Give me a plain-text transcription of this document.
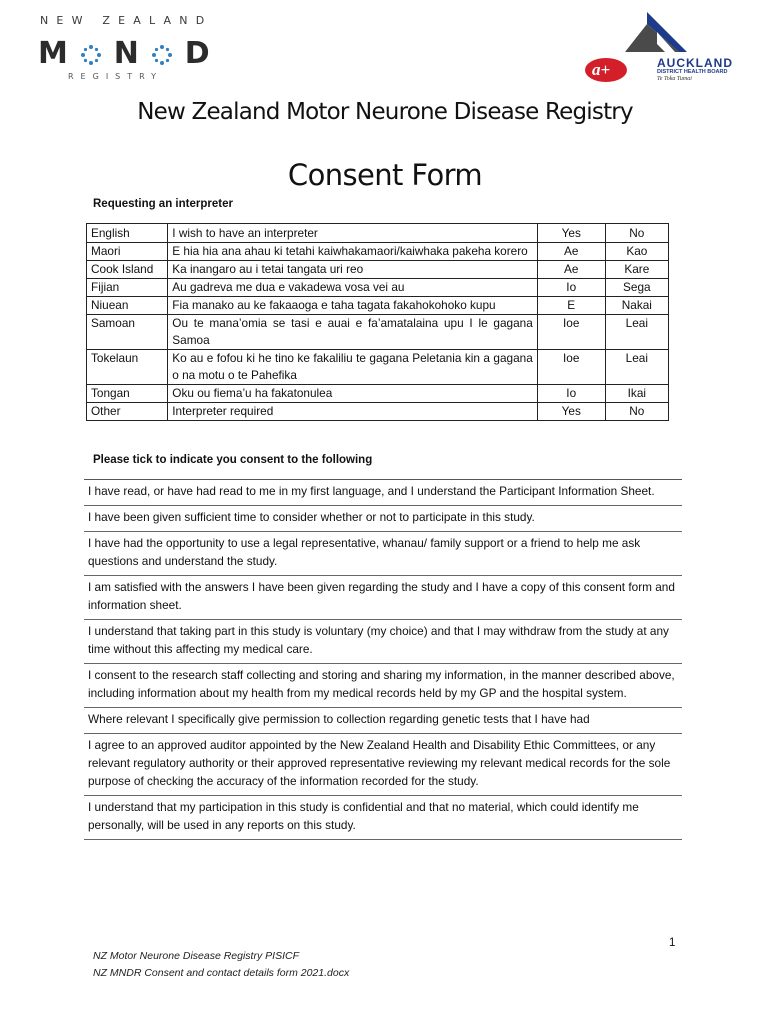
NEW ZEALAND
M N D
REGISTRY	a+	AUCKLAND
DISTRICT HEALTH BOARD
Te Toka Tumai
New Zealand Motor Neurone Disease Registry
Consent Form
Requesting an interpreter
English	I wish to have an interpreter	Yes	No
Maori	E hia hia ana ahau ki tetahi kaiwhakamaori/kaiwhaka pakeha korero	Ae	Kao
Cook Island	Ka inangaro au i tetai tangata uri reo	Ae	Kare
Fijian	Au gadreva me dua e vakadewa vosa vei au	Io	Sega
Niuean	Fia manako au ke fakaaoga e taha tagata fakahokohoko kupu	E	Nakai
Samoan	Ou te mana’omia se tasi e auai e fa’amatalaina upu I le gagana Samoa	Ioe	Leai
Tokelaun	Ko au e fofou ki he tino ke fakaliliu te gagana Peletania kin a gagana o na motu o te Pahefika	Ioe	Leai
Tongan	Oku ou fiema’u ha fakatonulea	Io	Ikai
Other	Interpreter required	Yes	No
Please tick to indicate you consent to the following
I have read, or have had read to me in my first language, and I understand the Participant Information Sheet.
I have been given sufficient time to consider whether or not to participate in this study.
I have had the opportunity to use a legal representative, whanau/ family support or a friend to help me ask questions and understand the study.
I am satisfied with the answers I have been given regarding the study and I have a copy of this consent form and information sheet.
I understand that taking part in this study is voluntary (my choice) and that I may withdraw from the study at any time without this affecting my medical care.
I consent to the research staff collecting and storing and sharing my information, in the manner described above, including information about my health from my medical records held by my GP and the hospital system.
Where relevant I specifically give permission to collection regarding genetic tests that I have had
I agree to an approved auditor appointed by the New Zealand Health and Disability Ethic Committees, or any relevant regulatory authority or their approved representative reviewing my relevant medical records for the sole purpose of checking the accuracy of the information recorded for the study.
I understand that my participation in this study is confidential and that no material, which could identify me personally, will be used in any reports on this study.
1
NZ Motor Neurone Disease Registry PISICF
NZ MNDR Consent and contact details form 2021.docx
